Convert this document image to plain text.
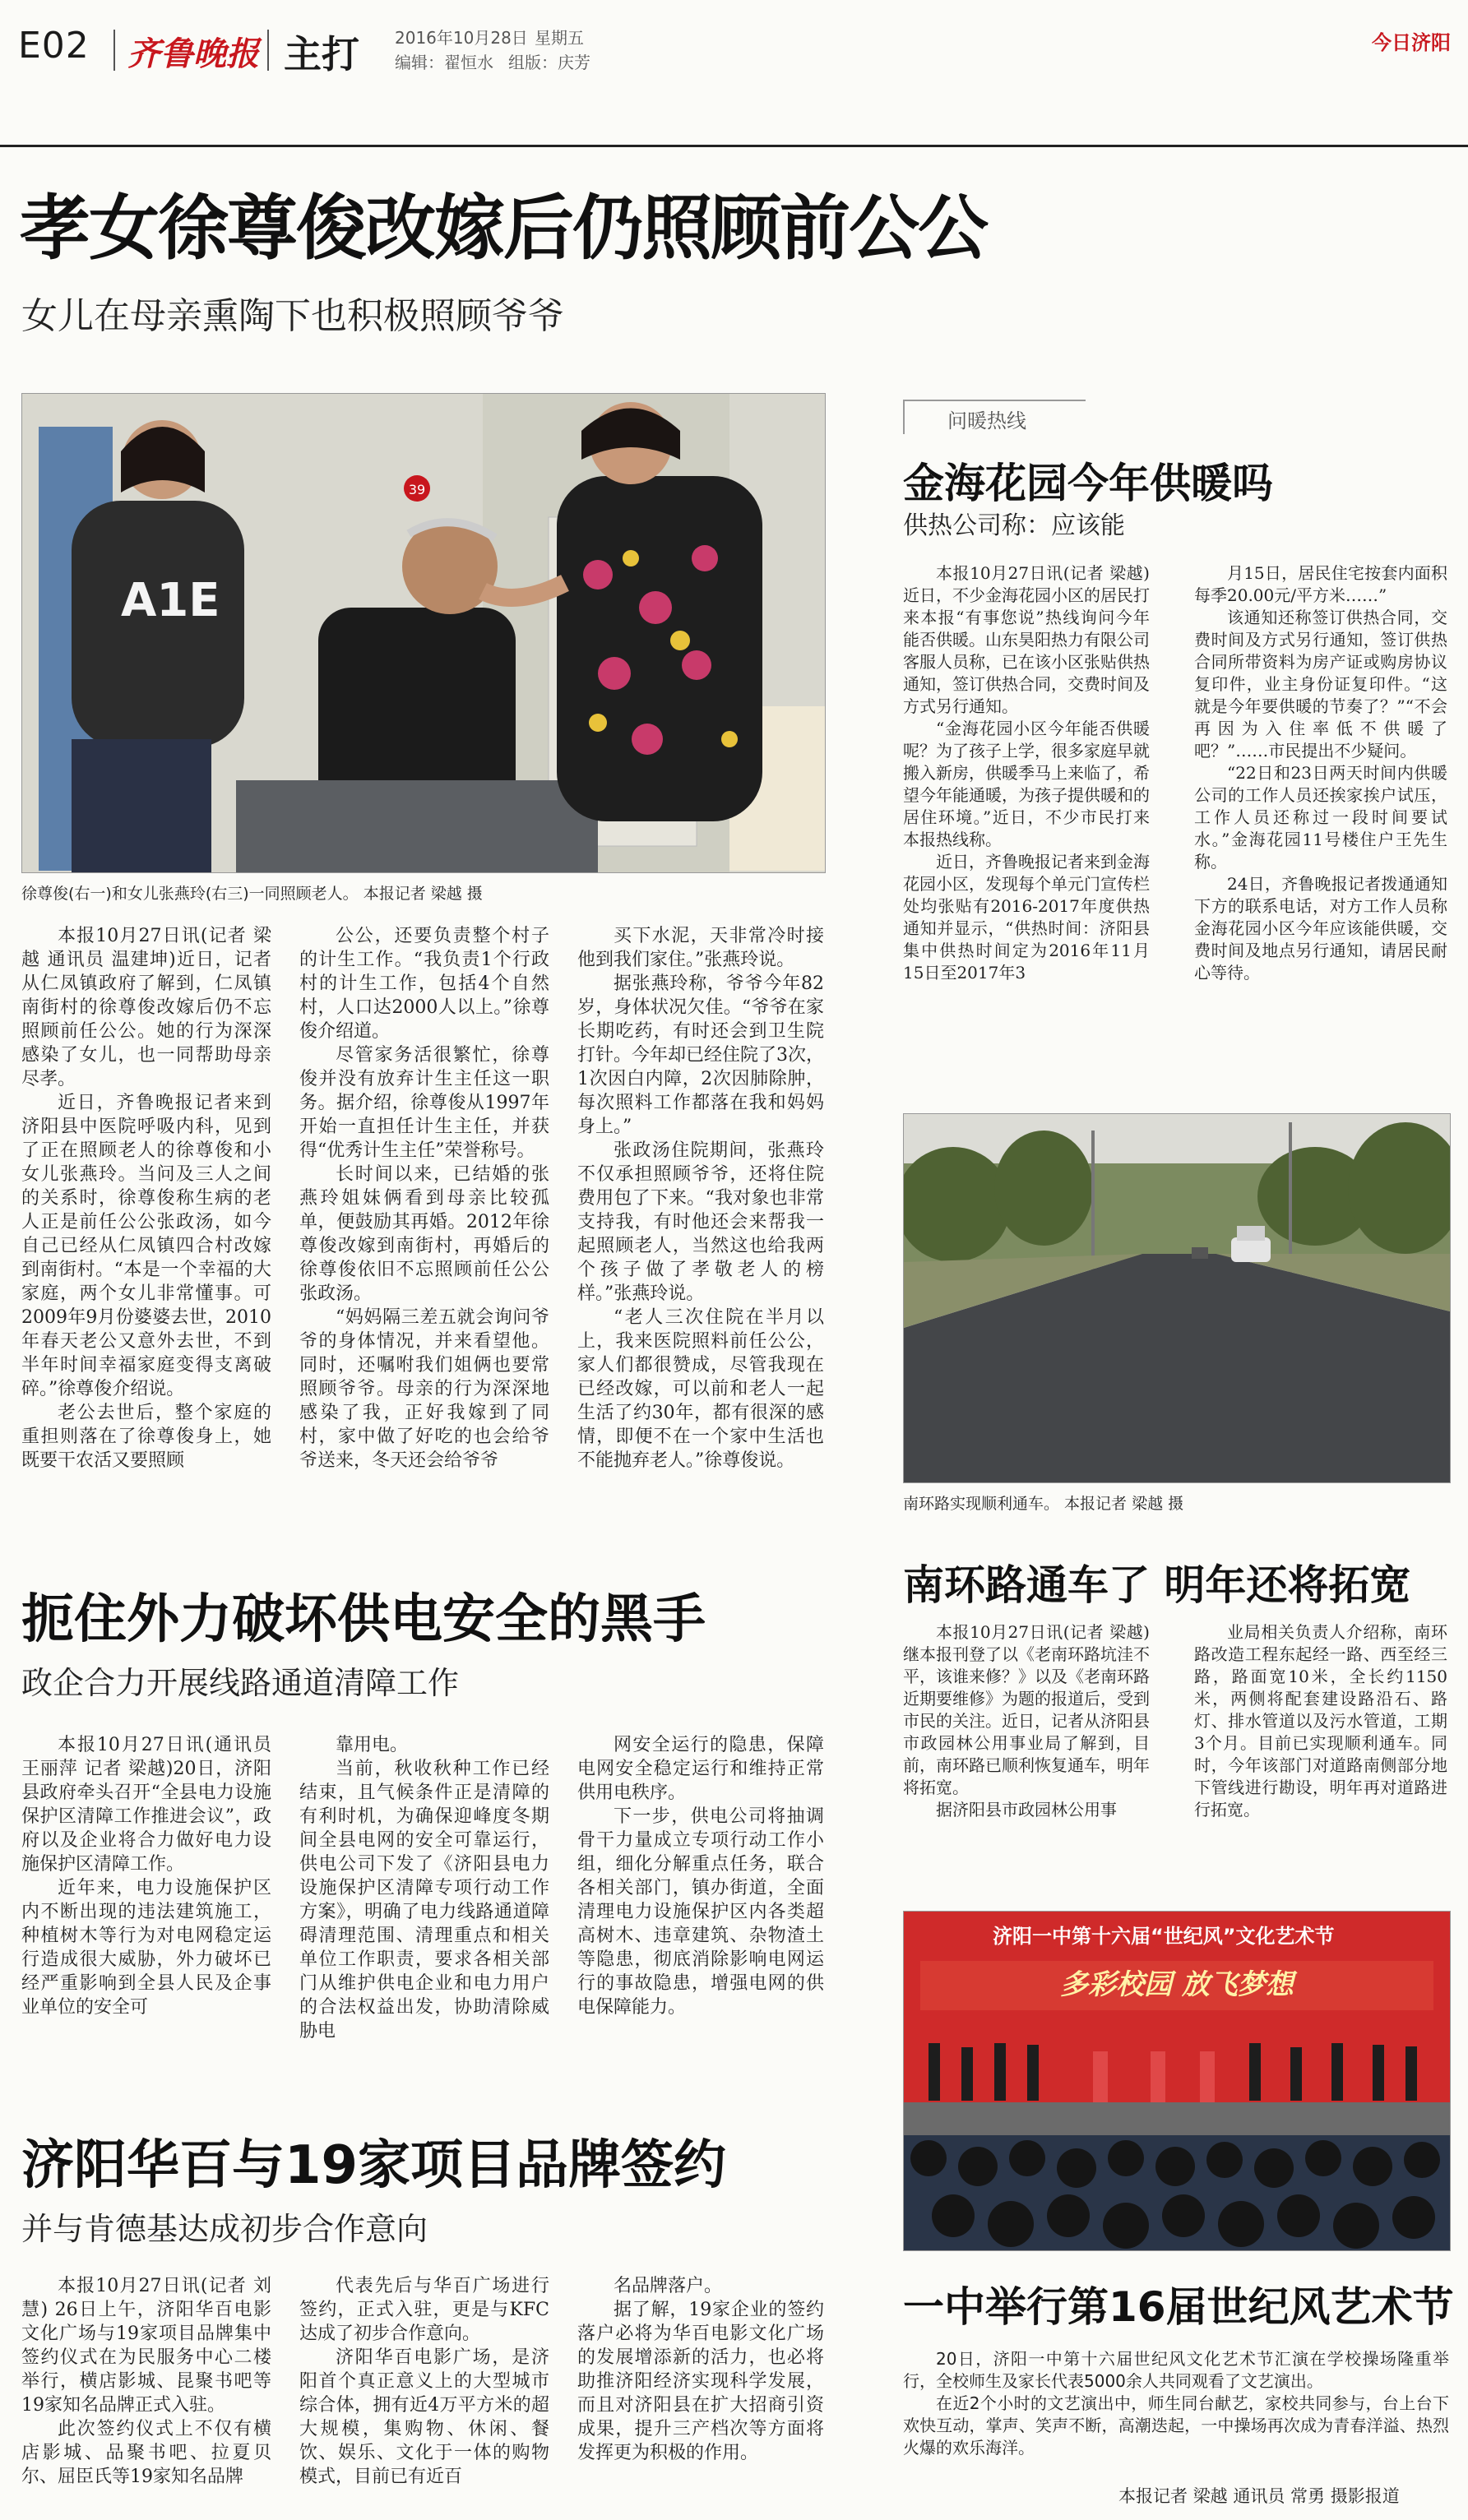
E02 齐鲁晚报 主打 2016年10月28日 星期五
编辑：翟恒水 组版：庆芳
今日济阳
孝女徐尊俊改嫁后仍照顾前公公
女儿在母亲熏陶下也积极照顾爷爷
39
A1E
徐尊俊(右一)和女儿张燕玲(右三)一同照顾老人。 本报记者 梁越 摄

本报10月27日讯(记者 梁越 通讯员 温建坤)近日，记者从仁凤镇政府了解到，仁凤镇南街村的徐尊俊改嫁后仍不忘照顾前任公公。她的行为深深感染了女儿，也一同帮助母亲尽孝。

近日，齐鲁晚报记者来到济阳县中医院呼吸内科，见到了正在照顾老人的徐尊俊和小女儿张燕玲。当问及三人之间的关系时，徐尊俊称生病的老人正是前任公公张政汤，如今自己已经从仁凤镇四合村改嫁到南街村。“本是一个幸福的大家庭，两个女儿非常懂事。可2009年9月份婆婆去世，2010年春天老公又意外去世，不到半年时间幸福家庭变得支离破碎。”徐尊俊介绍说。

老公去世后，整个家庭的重担则落在了徐尊俊身上，她既要干农活又要照顾

公公，还要负责整个村子的计生工作。“我负责1个行政村的计生工作，包括4个自然村，人口达2000人以上。”徐尊俊介绍道。

尽管家务活很繁忙，徐尊俊并没有放弃计生主任这一职务。据介绍，徐尊俊从1997年开始一直担任计生主任，并获得“优秀计生主任”荣誉称号。

长时间以来，已结婚的张燕玲姐妹俩看到母亲比较孤单，便鼓励其再婚。2012年徐尊俊改嫁到南街村，再婚后的徐尊俊依旧不忘照顾前任公公张政汤。

“妈妈隔三差五就会询问爷爷的身体情况，并来看望他。同时，还嘱咐我们姐俩也要常照顾爷爷。母亲的行为深深地感染了我，正好我嫁到了同村，家中做了好吃的也会给爷爷送来，冬天还会给爷爷

买下水泥，天非常冷时接他到我们家住。”张燕玲说。

据张燕玲称，爷爷今年82岁，身体状况欠佳。“爷爷在家长期吃药，有时还会到卫生院打针。今年却已经住院了3次，1次因白内障，2次因肺除肿，每次照料工作都落在我和妈妈身上。”

张政汤住院期间，张燕玲不仅承担照顾爷爷，还将住院费用包了下来。“我对象也非常支持我，有时他还会来帮我一起照顾老人，当然这也给我两个孩子做了孝敬老人的榜样。”张燕玲说。

“老人三次住院在半月以上，我来医院照料前任公公，家人们都很赞成，尽管我现在已经改嫁，可以前和老人一起生活了约30年，都有很深的感情，即便不在一个家中生活也不能抛弃老人。”徐尊俊说。

扼住外力破坏供电安全的黑手
政企合力开展线路通道清障工作

本报10月27日讯(通讯员 王丽萍 记者 梁越)20日，济阳县政府牵头召开“全县电力设施保护区清障工作推进会议”，政府以及企业将合力做好电力设施保护区清障工作。

近年来，电力设施保护区内不断出现的违法建筑施工，种植树木等行为对电网稳定运行造成很大威胁，外力破坏已经严重影响到全县人民及企事业单位的安全可

靠用电。

当前，秋收秋种工作已经结束，且气候条件正是清障的有利时机，为确保迎峰度冬期间全县电网的安全可靠运行，供电公司下发了《济阳县电力设施保护区清障专项行动工作方案》，明确了电力线路通道障碍清理范围、清理重点和相关单位工作职责，要求各相关部门从维护供电企业和电力用户的合法权益出发，协助清除威胁电

网安全运行的隐患，保障电网安全稳定运行和维持正常供用电秩序。

下一步，供电公司将抽调骨干力量成立专项行动工作小组，细化分解重点任务，联合各相关部门，镇办街道，全面清理电力设施保护区内各类超高树木、违章建筑、杂物渣土等隐患，彻底消除影响电网运行的事故隐患，增强电网的供电保障能力。

济阳华百与19家项目品牌签约
并与肯德基达成初步合作意向

本报10月27日讯(记者 刘慧) 26日上午，济阳华百电影文化广场与19家项目品牌集中签约仪式在为民服务中心二楼举行，横店影城、昆聚书吧等19家知名品牌正式入驻。

此次签约仪式上不仅有横店影城、品聚书吧、拉夏贝尔、屈臣氏等19家知名品牌

代表先后与华百广场进行签约，正式入驻，更是与KFC达成了初步合作意向。

济阳华百电影广场，是济阳首个真正意义上的大型城市综合体，拥有近4万平方米的超大规模，集购物、休闲、餐饮、娱乐、文化于一体的购物模式，目前已有近百

名品牌落户。

据了解，19家企业的签约落户必将为华百电影文化广场的发展增添新的活力，也必将助推济阳经济实现科学发展，而且对济阳县在扩大招商引资成果，提升三产档次等方面将发挥更为积极的作用。

问暖热线
金海花园今年供暖吗
供热公司称：应该能

本报10月27日讯(记者 梁越) 近日，不少金海花园小区的居民打来本报“有事您说”热线询问今年能否供暖。山东昊阳热力有限公司客服人员称，已在该小区张贴供热通知，签订供热合同，交费时间及方式另行通知。

“金海花园小区今年能否供暖呢？为了孩子上学，很多家庭早就搬入新房，供暖季马上来临了，希望今年能通暖，为孩子提供暖和的居住环境。”近日，不少市民打来本报热线称。

近日，齐鲁晚报记者来到金海花园小区，发现每个单元门宣传栏处均张贴有2016-2017年度供热通知并显示，“供热时间：济阳县集中供热时间定为2016年11月15日至2017年3

月15日，居民住宅按套内面积每季20.00元/平方米……”

该通知还称签订供热合同，交费时间及方式另行通知，签订供热合同所带资料为房产证或购房协议复印件，业主身份证复印件。“这就是今年要供暖的节奏了？”“不会再因为入住率低不供暖了吧？”……市民提出不少疑问。

“22日和23日两天时间内供暖公司的工作人员还挨家挨户试压，工作人员还称过一段时间要试水。”金海花园11号楼住户王先生称。

24日，齐鲁晚报记者拨通通知下方的联系电话，对方工作人员称金海花园小区今年应该能供暖，交费时间及地点另行通知，请居民耐心等待。

南环路实现顺利通车。 本报记者 梁越 摄
南环路通车了 明年还将拓宽

本报10月27日讯(记者 梁越) 继本报刊登了以《老南环路坑洼不平，该谁来修？》以及《老南环路近期要维修》为题的报道后，受到市民的关注。近日，记者从济阳县市政园林公用事业局了解到，目前，南环路已顺利恢复通车，明年将拓宽。

据济阳县市政园林公用事

业局相关负责人介绍称，南环路改造工程东起经一路、西至经三路，路面宽10米，全长约1150米，两侧将配套建设路沿石、路灯、排水管道以及污水管道，工期3个月。目前已实现顺利通车。同时，今年该部门对道路南侧部分地下管线进行勘设，明年再对道路进行拓宽。

多彩校园 放飞梦想
济阳一中第十六届“世纪风”文化艺术节
一中举行第16届世纪风艺术节

20日，济阳一中第十六届世纪风文化艺术节汇演在学校操场隆重举行，全校师生及家长代表5000余人共同观看了文艺演出。

在近2个小时的文艺演出中，师生同台献艺，家校共同参与，台上台下欢快互动，掌声、笑声不断，高潮迭起，一中操场再次成为青春洋溢、热烈火爆的欢乐海洋。

本报记者 梁越 通讯员 常勇 摄影报道
